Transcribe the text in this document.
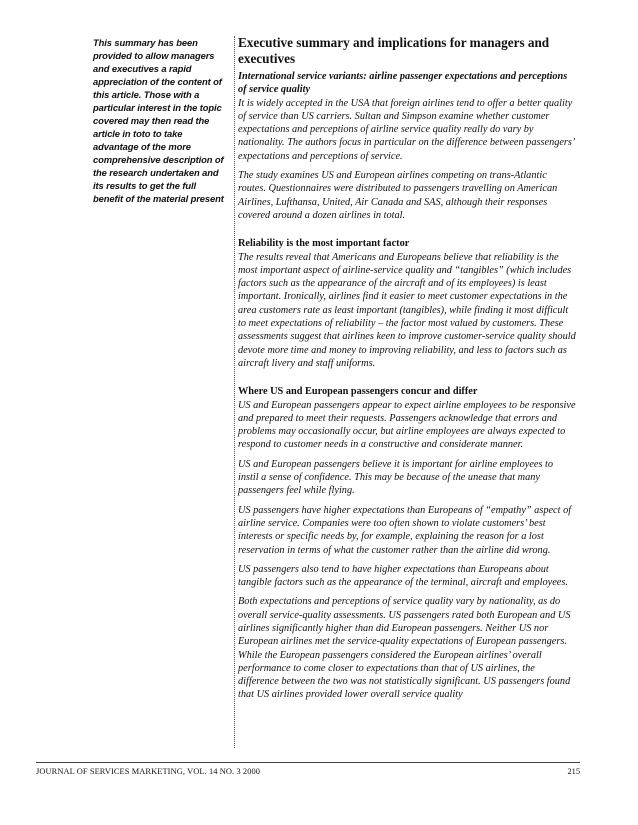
This summary has been provided to allow managers and executives a rapid appreciation of the content of this article. Those with a particular interest in the topic covered may then read the article in toto to take advantage of the more comprehensive description of the research undertaken and its results to get the full benefit of the material present
Executive summary and implications for managers and executives
International service variants: airline passenger expectations and perceptions of service quality

It is widely accepted in the USA that foreign airlines tend to offer a better quality of service than US carriers. Sultan and Simpson examine whether customer expectations and perceptions of airline service quality really do vary by nationality. The authors focus in particular on the difference between passengers’ expectations and perceptions of service.

The study examines US and European airlines competing on trans-Atlantic routes. Questionnaires were distributed to passengers travelling on American Airlines, Lufthansa, United, Air Canada and SAS, although their responses covered around a dozen airlines in total.

Reliability is the most important factor

The results reveal that Americans and Europeans believe that reliability is the most important aspect of airline-service quality and “tangibles” (which includes factors such as the appearance of the aircraft and of its employees) is least important. Ironically, airlines find it easier to meet customer expectations in the area customers rate as least important (tangibles), while finding it most difficult to meet expectations of reliability – the factor most valued by customers. These assessments suggest that airlines keen to improve customer-service quality should devote more time and money to improving reliability, and less to factors such as aircraft livery and staff uniforms.

Where US and European passengers concur and differ

US and European passengers appear to expect airline employees to be responsive and prepared to meet their requests. Passengers acknowledge that errors and problems may occasionally occur, but airline employees are always expected to respond to customer needs in a constructive and considerate manner.

US and European passengers believe it is important for airline employees to instil a sense of confidence. This may be because of the unease that many passengers feel while flying.

US passengers have higher expectations than Europeans of “empathy” aspect of airline service. Companies were too often shown to violate customers’ best interests or specific needs by, for example, explaining the reason for a lost reservation in terms of what the customer rather than the airline did wrong.

US passengers also tend to have higher expectations than Europeans about tangible factors such as the appearance of the terminal, aircraft and employees.

Both expectations and perceptions of service quality vary by nationality, as do overall service-quality assessments. US passengers rated both European and US airlines significantly higher than did European passengers. Neither US nor European airlines met the service-quality expectations of European passengers. While the European passengers considered the European airlines’ overall performance to come closer to expectations than that of US airlines, the difference between the two was not statistically significant. US passengers found that US airlines provided lower overall service quality

JOURNAL OF SERVICES MARKETING, VOL. 14 NO. 3 2000	215
